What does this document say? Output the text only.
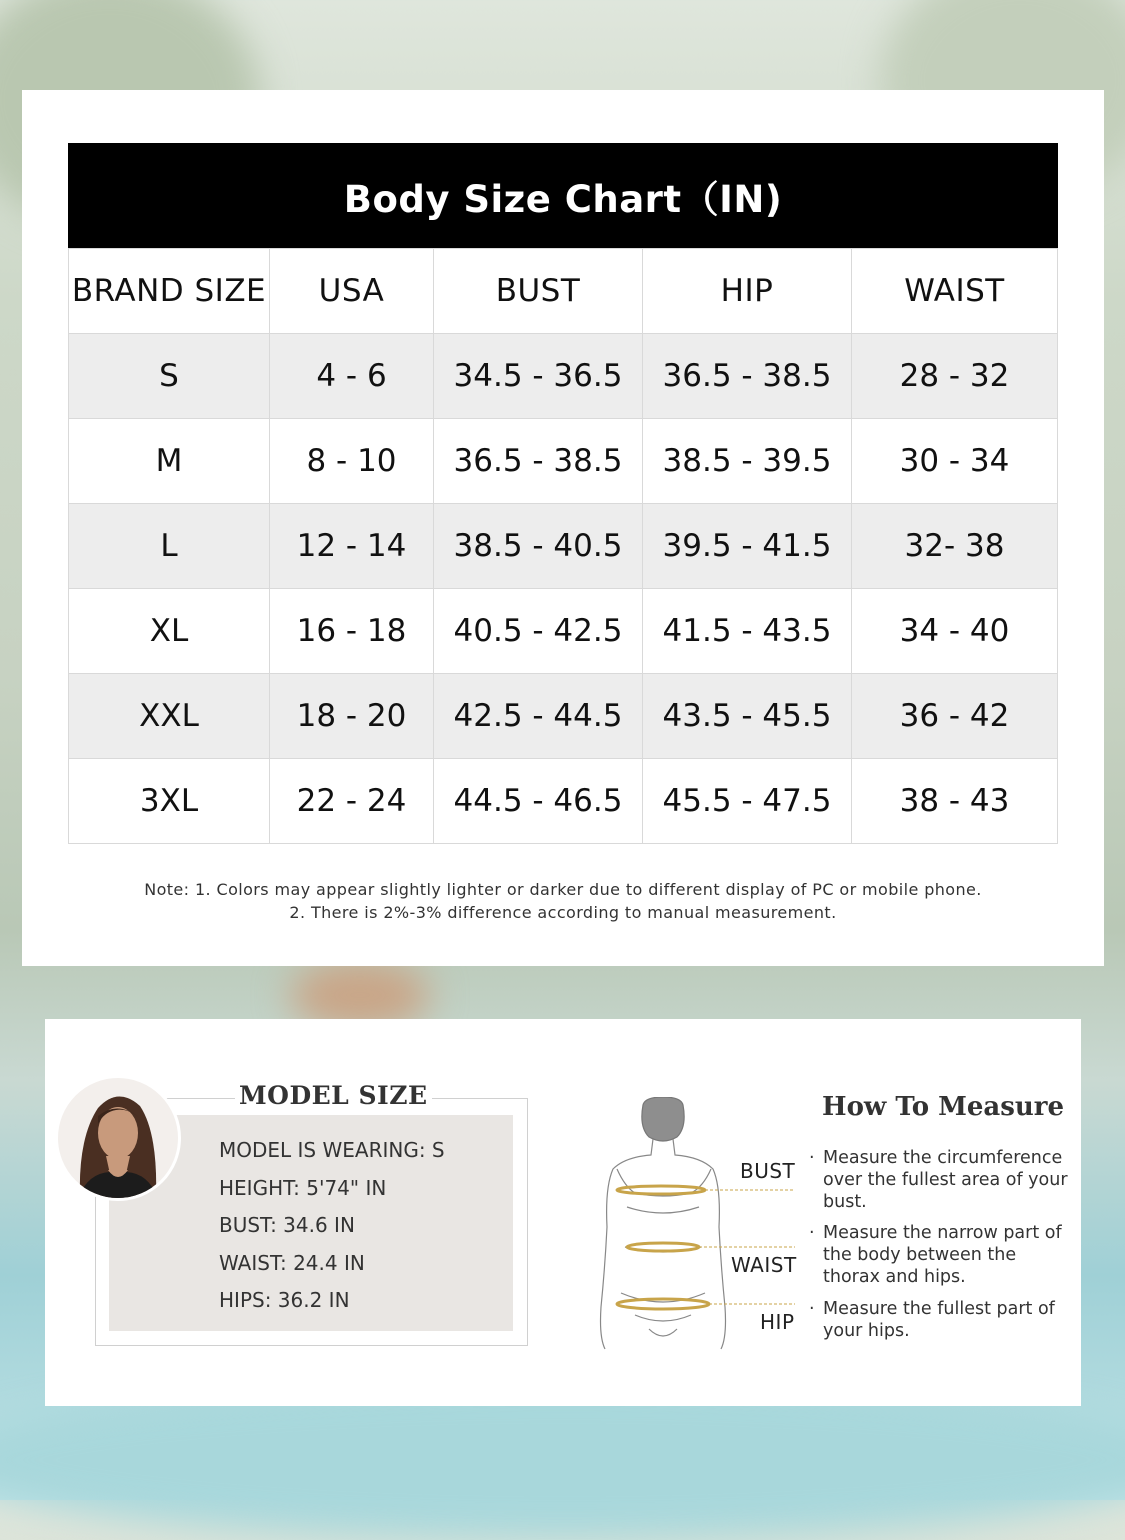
Body Size Chart（IN)
BRAND SIZE	USA	BUST	HIP	WAIST
S	4 - 6	34.5 - 36.5	36.5 - 38.5	28 - 32
M	8 - 10	36.5 - 38.5	38.5 - 39.5	30 - 34
L	12 - 14	38.5 - 40.5	39.5 - 41.5	32- 38
XL	16 - 18	40.5 - 42.5	41.5 - 43.5	34 - 40
XXL	18 - 20	42.5 - 44.5	43.5 - 45.5	36 - 42
3XL	22 - 24	44.5 - 46.5	45.5 - 47.5	38 - 43
Note: 1. Colors may appear slightly lighter or darker due to different display of PC or mobile phone.
2. There is 2%-3% difference according to manual measurement.
MODEL SIZE
MODEL IS WEARING: S
HEIGHT: 5'74" IN
BUST: 34.6 IN
WAIST: 24.4 IN
HIPS: 36.2 IN
BUST
WAIST
HIP
How To Measure
· Measure the circumference over the fullest area of your bust.
· Measure the narrow part of the body between the thorax and hips.
· Measure the fullest part of your hips.
